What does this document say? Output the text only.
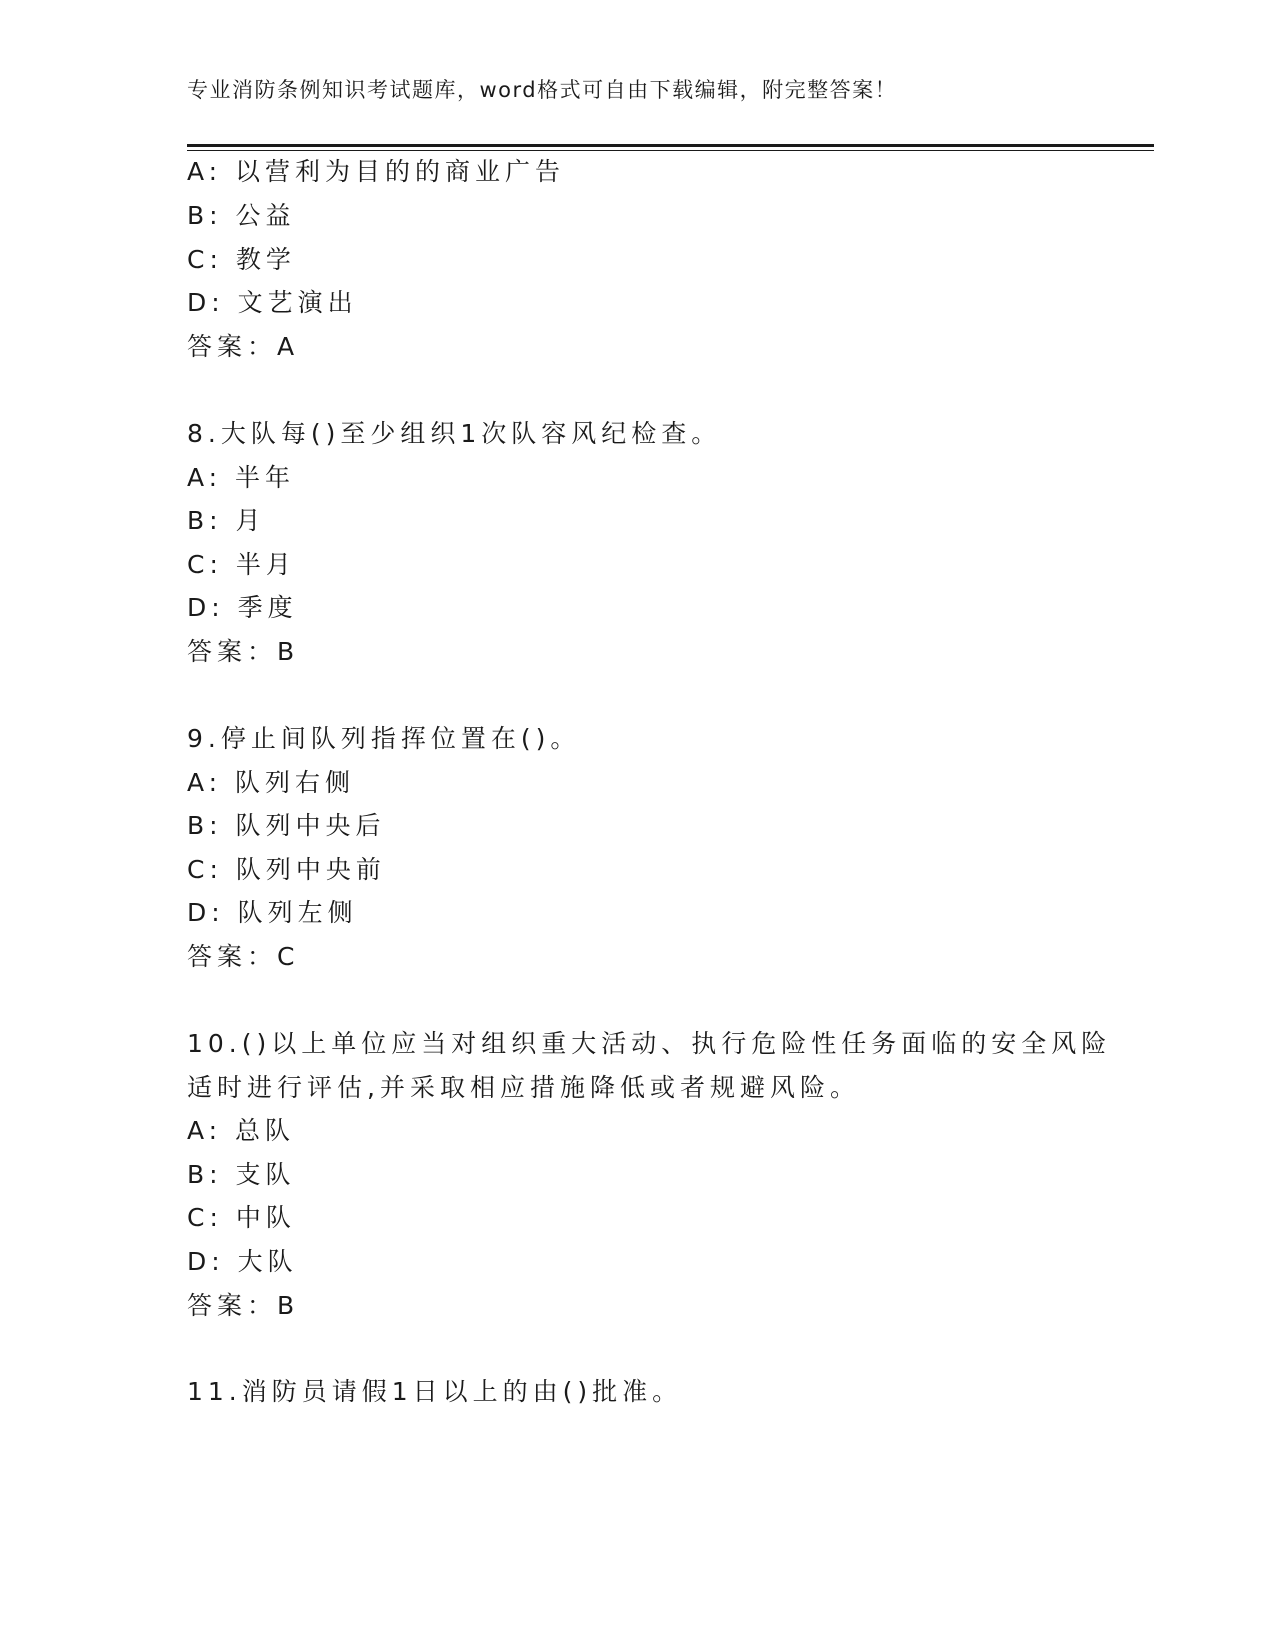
专业消防条例知识考试题库，word格式可自由下载编辑，附完整答案！
A: 以营利为目的的商业广告
B: 公益
C: 教学
D: 文艺演出
答案：A
8.大队每()至少组织1次队容风纪检查。
A: 半年
B: 月
C: 半月
D: 季度
答案：B
9.停止间队列指挥位置在()。
A: 队列右侧
B: 队列中央后
C: 队列中央前
D: 队列左侧
答案：C
10.()以上单位应当对组织重大活动、执行危险性任务面临的安全风险
适时进行评估,并采取相应措施降低或者规避风险。
A: 总队
B: 支队
C: 中队
D: 大队
答案：B
11.消防员请假1日以上的由()批准。
